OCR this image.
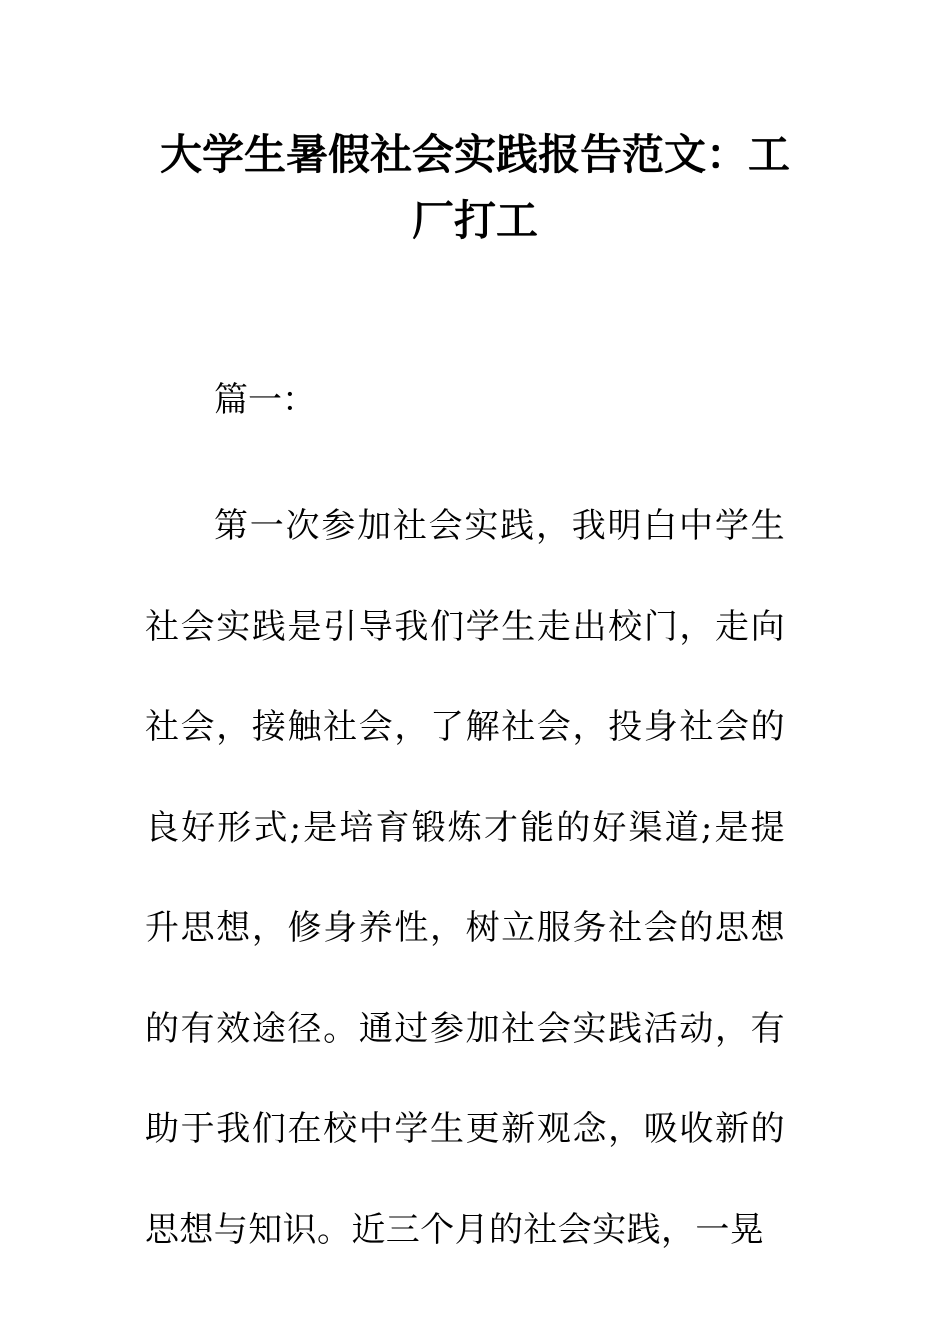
大学生暑假社会实践报告范文：工
厂打工

篇一：

第一次参加社会实践，我明白中学生社会实践是引导我们学生走出校门，走向社会，接触社会，了解社会，投身社会的良好形式;是培育锻炼才能的好渠道;是提升思想，修身养性，树立服务社会的思想的有效途径。通过参加社会实践活动，有助于我们在校中学生更新观念，吸收新的思想与知识。近三个月的社会实践，一晃
